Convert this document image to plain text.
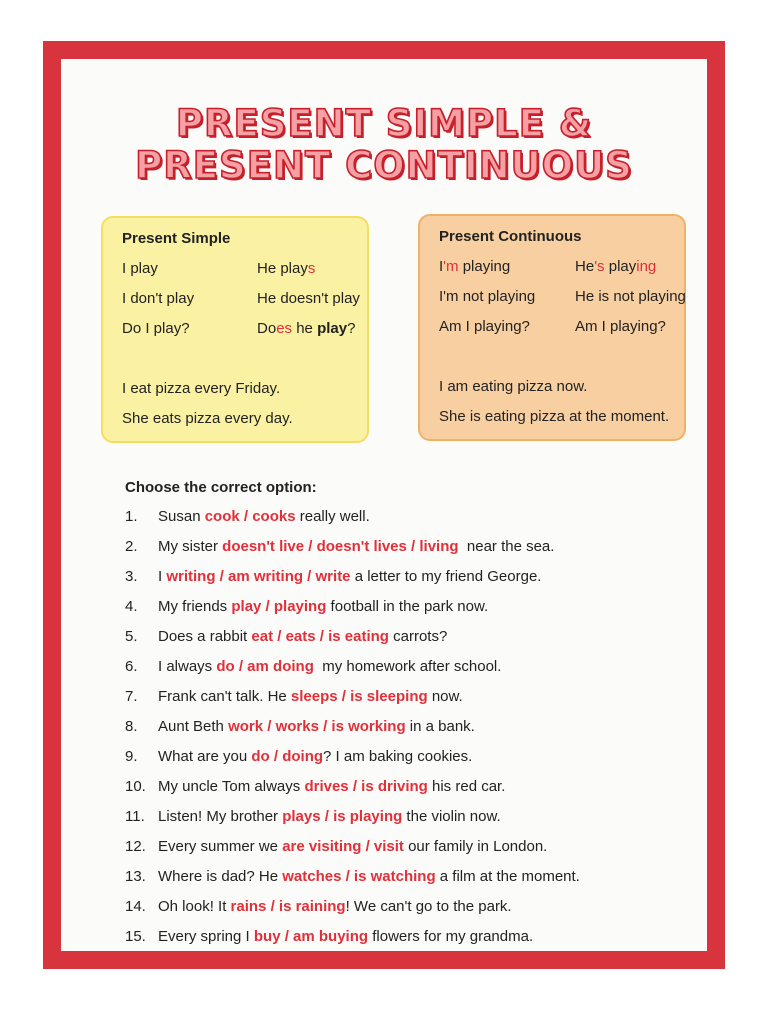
PRESENT SIMPLE &
PRESENT CONTINUOUS
Present Simple
I play	He plays
I don't play	He doesn't play
Do I play?	Does he play?
I eat pizza every Friday.
She eats pizza every day.
Present Continuous
I'm playing	He's playing
I'm not playing	He is not playing
Am I playing?	Am I playing?
I am eating pizza now.
She is eating pizza at the moment.
Choose the correct option:
1. Susan cook / cooks really well.
2. My sister doesn't live / doesn't lives / living  near the sea.
3. I writing / am writing / write a letter to my friend George.
4. My friends play / playing football in the park now.
5. Does a rabbit eat / eats / is eating carrots?
6. I always do / am doing  my homework after school.
7. Frank can't talk. He sleeps / is sleeping now.
8. Aunt Beth work / works / is working in a bank.
9. What are you do / doing? I am baking cookies.
10. My uncle Tom always drives / is driving his red car.
11. Listen! My brother plays / is playing the violin now.
12. Every summer we are visiting / visit our family in London.
13. Where is dad? He watches / is watching a film at the moment.
14. Oh look! It rains / is raining! We can't go to the park.
15. Every spring I buy / am buying flowers for my grandma.
